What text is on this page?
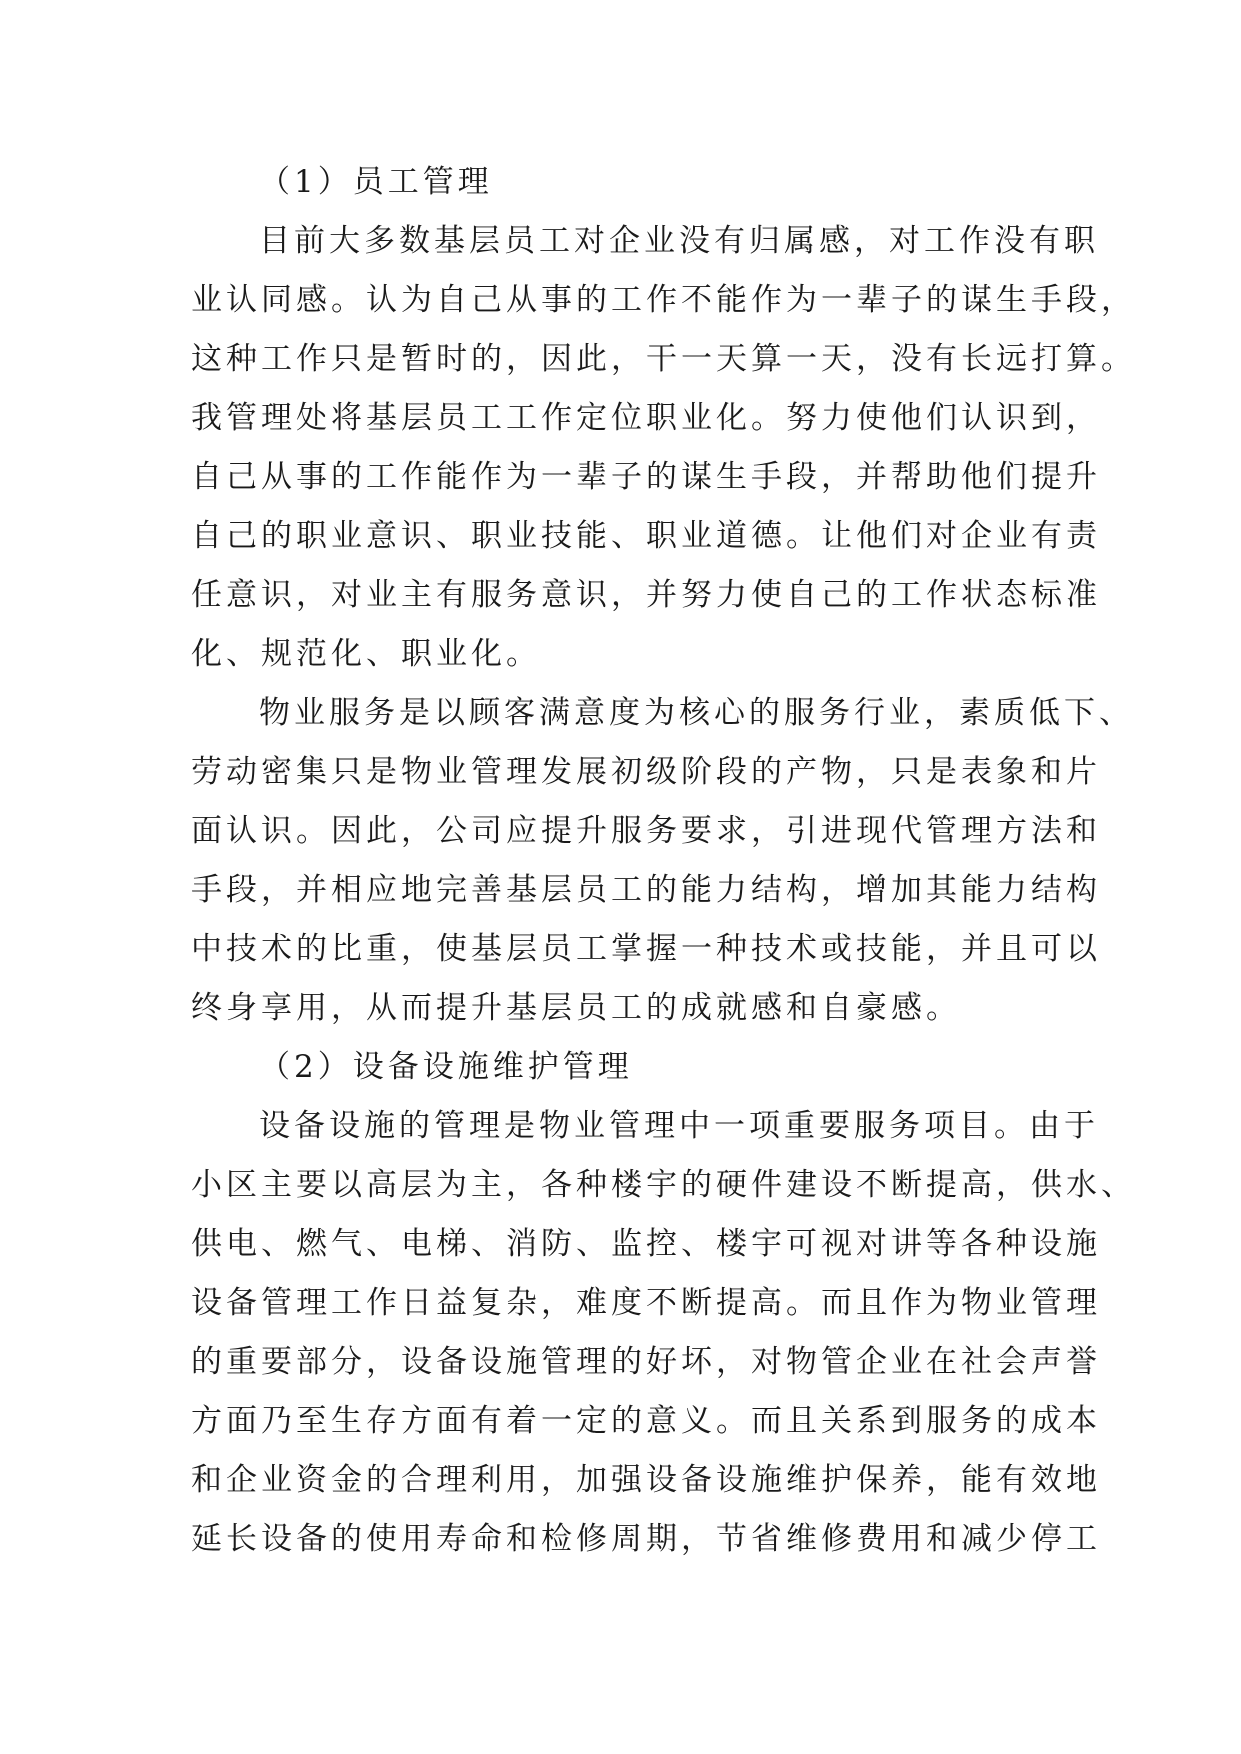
（1）员工管理
目前大多数基层员工对企业没有归属感，对工作没有职
业认同感。认为自己从事的工作不能作为一辈子的谋生手段，
这种工作只是暂时的，因此，干一天算一天，没有长远打算。
我管理处将基层员工工作定位职业化。努力使他们认识到，
自己从事的工作能作为一辈子的谋生手段，并帮助他们提升
自己的职业意识、职业技能、职业道德。让他们对企业有责
任意识，对业主有服务意识，并努力使自己的工作状态标准
化、规范化、职业化。
物业服务是以顾客满意度为核心的服务行业，素质低下、
劳动密集只是物业管理发展初级阶段的产物，只是表象和片
面认识。因此，公司应提升服务要求，引进现代管理方法和
手段，并相应地完善基层员工的能力结构，增加其能力结构
中技术的比重，使基层员工掌握一种技术或技能，并且可以
终身享用，从而提升基层员工的成就感和自豪感。
（2）设备设施维护管理
设备设施的管理是物业管理中一项重要服务项目。由于
小区主要以高层为主，各种楼宇的硬件建设不断提高，供水、
供电、燃气、电梯、消防、监控、楼宇可视对讲等各种设施
设备管理工作日益复杂，难度不断提高。而且作为物业管理
的重要部分，设备设施管理的好坏，对物管企业在社会声誉
方面乃至生存方面有着一定的意义。而且关系到服务的成本
和企业资金的合理利用，加强设备设施维护保养，能有效地
延长设备的使用寿命和检修周期，节省维修费用和减少停工
